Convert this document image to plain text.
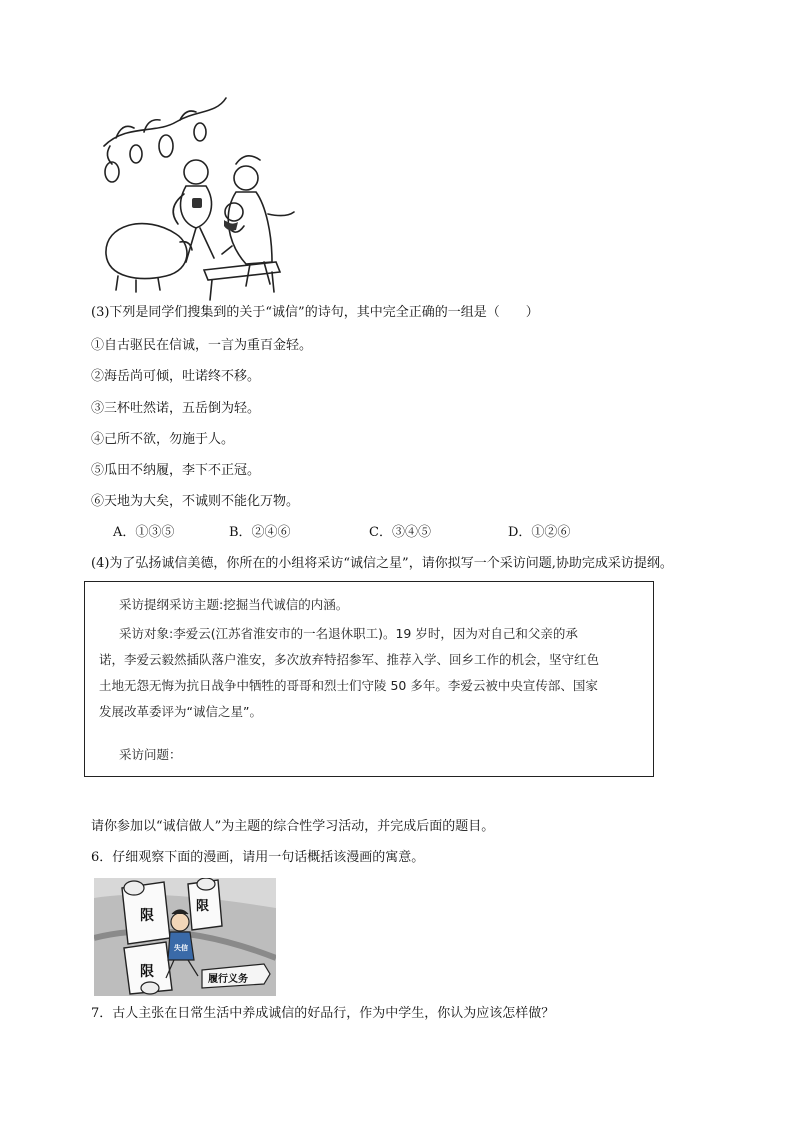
(3)下列是同学们搜集到的关于“诚信”的诗句，其中完全正确的一组是（　　）
①自古驱民在信诚，一言为重百金轻。
②海岳尚可倾，吐诺终不移。
③三杯吐然诺，五岳倒为轻。
④己所不欲，勿施于人。
⑤瓜田不纳履，李下不正冠。
⑥天地为大矣，不诚则不能化万物。
A．①③⑤	B．②④⑥	C．③④⑤	D．①②⑥
(4)为了弘扬诚信美德，你所在的小组将采访“诚信之星”，请你拟写一个采访问题,协助完成采访提纲。

采访提纲采访主题:挖掘当代诚信的内涵。

采访对象:李爱云(江苏省淮安市的一名退休职工)。19 岁时，因为对自己和父亲的承

诺，李爱云毅然插队落户淮安，多次放弃特招参军、推荐入学、回乡工作的机会，坚守红色

土地无怨无悔为抗日战争中牺牲的哥哥和烈士们守陵 50 多年。李爱云被中央宣传部、国家

发展改革委评为“诚信之星”。

采访问题：

请你参加以“诚信做人”为主题的综合性学习活动，并完成后面的题目。
6．仔细观察下面的漫画，请用一句话概括该漫画的寓意。
限
限
限
失信
履行义务
7．古人主张在日常生活中养成诚信的好品行，作为中学生，你认为应该怎样做？
